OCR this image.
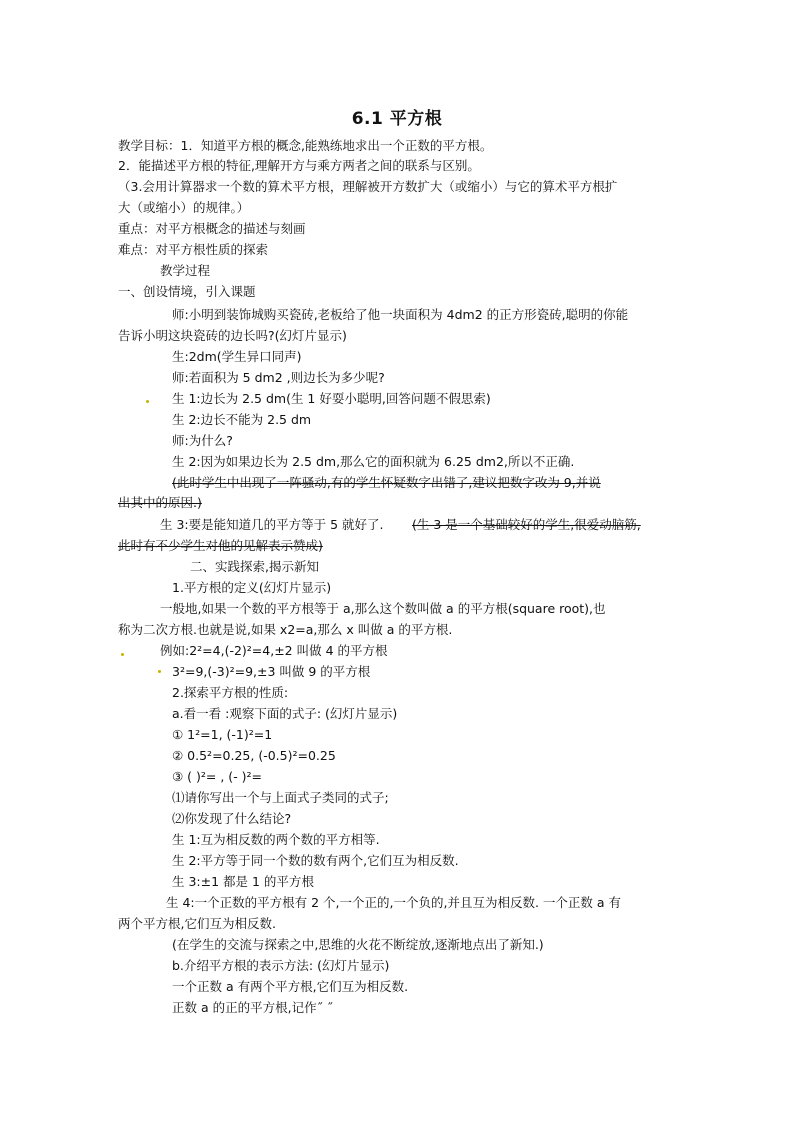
6.1 平方根
教学目标：1．知道平方根的概念,能熟练地求出一个正数的平方根。
2．能描述平方根的特征,理解开方与乘方两者之间的联系与区别。
（3.会用计算器求一个数的算术平方根，理解被开方数扩大（或缩小）与它的算术平方根扩
大（或缩小）的规律。）
重点：对平方根概念的描述与刻画
难点：对平方根性质的探索
教学过程
一、创设情境，引入课题
师:小明到装饰城购买瓷砖,老板给了他一块面积为 4dm2 的正方形瓷砖,聪明的你能
告诉小明这块瓷砖的边长吗?(幻灯片显示)
生:2dm(学生异口同声)
师:若面积为 5 dm2 ,则边长为多少呢?
生 1:边长为 2.5 dm(生 1 好耍小聪明,回答问题不假思索)
生 2:边长不能为 2.5 dm
师:为什么?
生 2:因为如果边长为 2.5 dm,那么它的面积就为 6.25 dm2,所以不正确.
(此时学生中出现了一阵骚动,有的学生怀疑数字出错了,建议把数字改为 9,并说
出其中的原因.)
生 3:要是能知道几的平方等于 5 就好了. (生 3 是一个基础较好的学生,很爱动脑筋,
此时有不少学生对他的见解表示赞成)
二、实践探索,揭示新知
1.平方根的定义(幻灯片显示)
一般地,如果一个数的平方根等于 a,那么这个数叫做 a 的平方根(square root),也
称为二次方根.也就是说,如果 x2=a,那么 x 叫做 a 的平方根.
例如:2²=4,(-2)²=4,±2 叫做 4 的平方根
3²=9,(-3)²=9,±3 叫做 9 的平方根
2.探索平方根的性质:
a.看一看 :观察下面的式子: (幻灯片显示)
① 1²=1, (-1)²=1
② 0.5²=0.25, (-0.5)²=0.25
③ ( )²= , (- )²=
⑴请你写出一个与上面式子类同的式子;
⑵你发现了什么结论?
生 1:互为相反数的两个数的平方相等.
生 2:平方等于同一个数的数有两个,它们互为相反数.
生 3:±1 都是 1 的平方根
生 4:一个正数的平方根有 2 个,一个正的,一个负的,并且互为相反数. 一个正数 a 有
两个平方根,它们互为相反数.
(在学生的交流与探索之中,思维的火花不断绽放,逐渐地点出了新知.)
b.介绍平方根的表示方法: (幻灯片显示)
一个正数 a 有两个平方根,它们互为相反数.
正数 a 的正的平方根,记作˝ ˝
